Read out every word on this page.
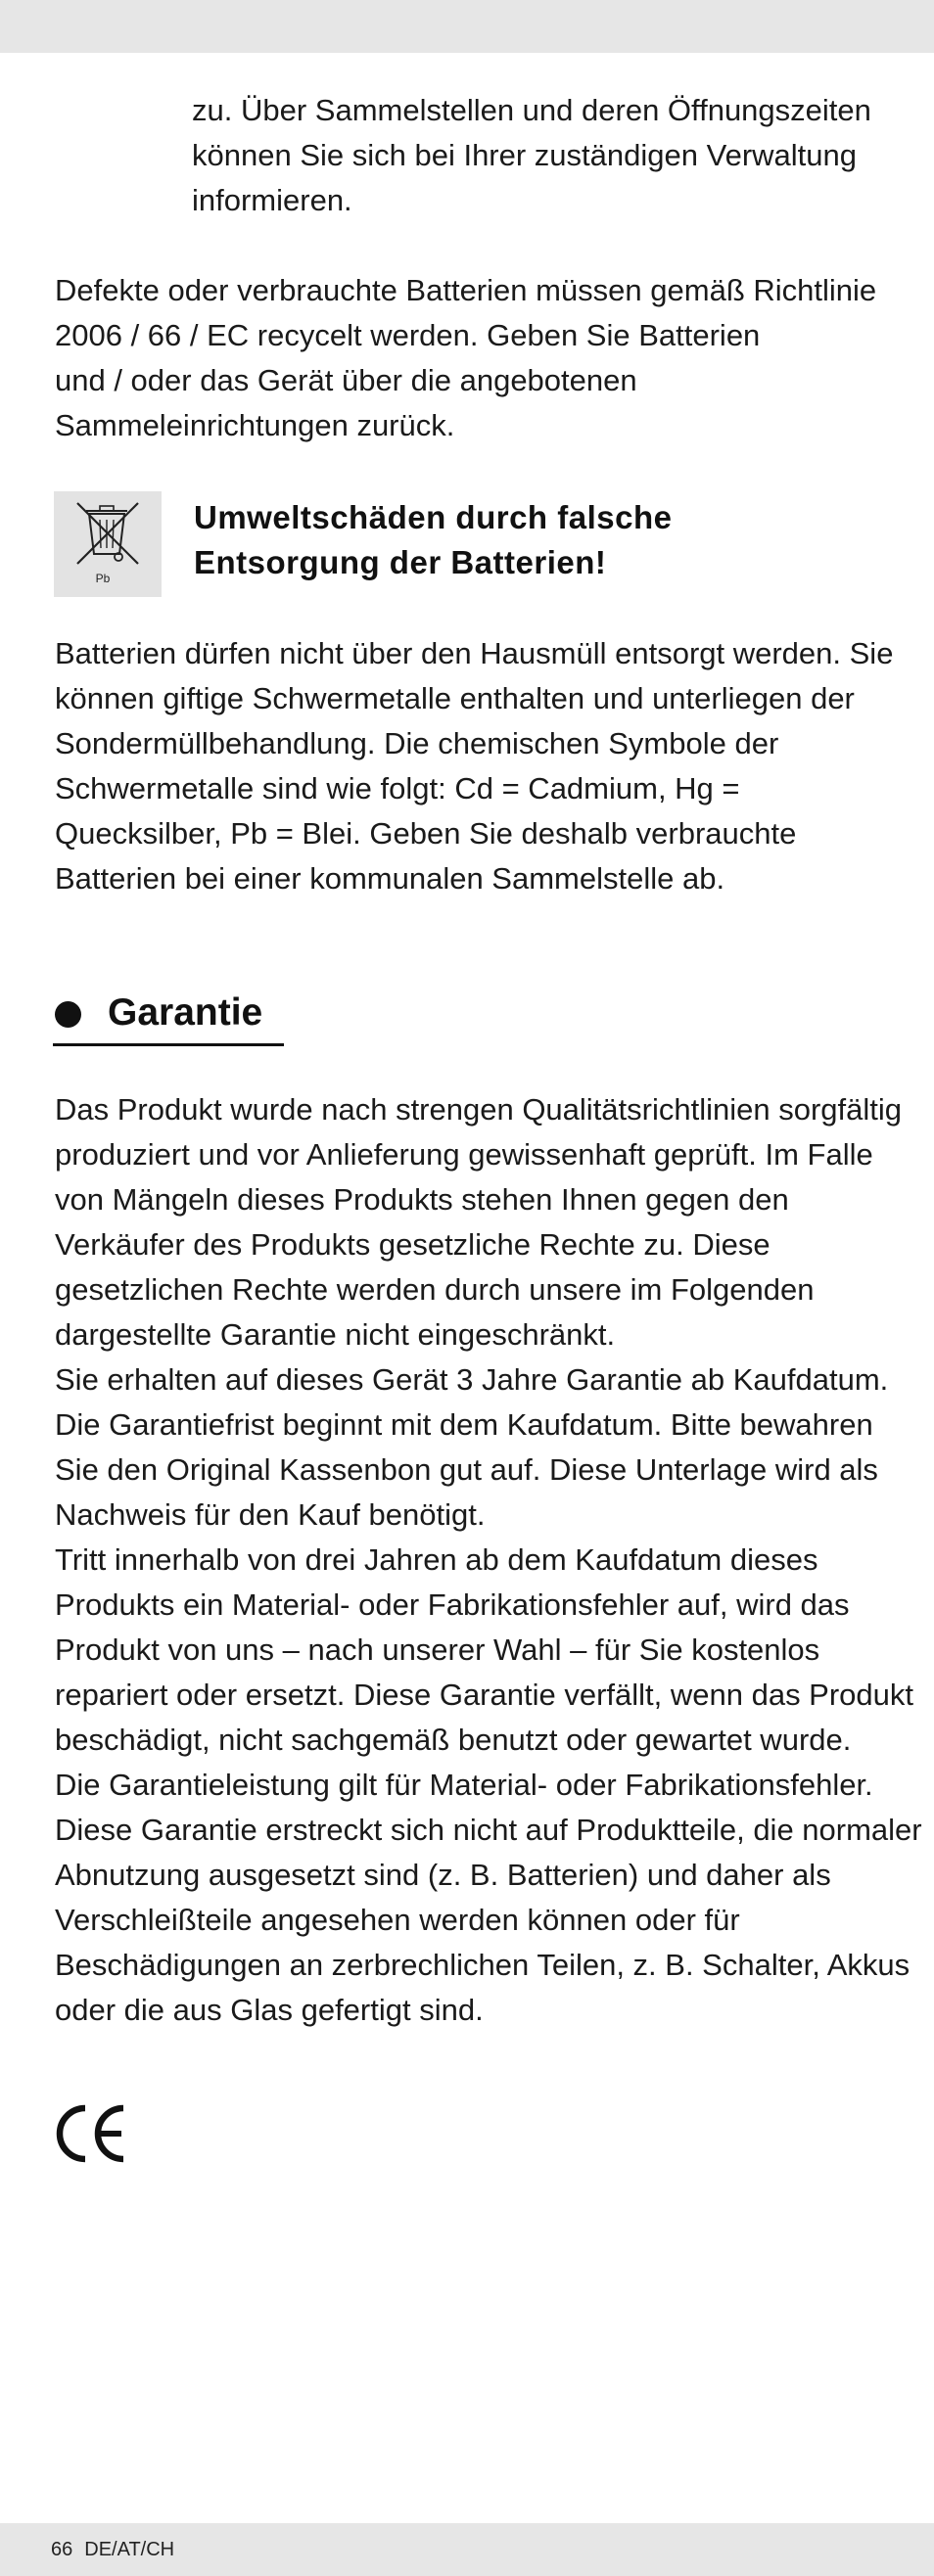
zu. Über Sammelstellen und deren Öffnungszeiten
können Sie sich bei Ihrer zuständigen Verwaltung
informieren.

Defekte oder verbrauchte Batterien müssen gemäß Richtlinie
2006 / 66 / EC recycelt werden. Geben Sie Batterien
und / oder das Gerät über die angebotenen
Sammeleinrichtungen zurück.

Pb
Umweltschäden durch falsche
Entsorgung der Batterien!

Batterien dürfen nicht über den Hausmüll entsorgt werden. Sie
können giftige Schwermetalle enthalten und unterliegen der
Sondermüllbehandlung. Die chemischen Symbole der
Schwermetalle sind wie folgt: Cd = Cadmium, Hg =
Quecksilber, Pb = Blei. Geben Sie deshalb verbrauchte
Batterien bei einer kommunalen Sammelstelle ab.

Garantie

Das Produkt wurde nach strengen Qualitätsrichtlinien sorgfältig
produziert und vor Anlieferung gewissenhaft geprüft. Im Falle
von Mängeln dieses Produkts stehen Ihnen gegen den
Verkäufer des Produkts gesetzliche Rechte zu. Diese
gesetzlichen Rechte werden durch unsere im Folgenden
dargestellte Garantie nicht eingeschränkt.
Sie erhalten auf dieses Gerät 3 Jahre Garantie ab Kaufdatum.
Die Garantiefrist beginnt mit dem Kaufdatum. Bitte bewahren
Sie den Original Kassenbon gut auf. Diese Unterlage wird als
Nachweis für den Kauf benötigt.
Tritt innerhalb von drei Jahren ab dem Kaufdatum dieses
Produkts ein Material- oder Fabrikationsfehler auf, wird das
Produkt von uns – nach unserer Wahl – für Sie kostenlos
repariert oder ersetzt. Diese Garantie verfällt, wenn das Produkt
beschädigt, nicht sachgemäß benutzt oder gewartet wurde.
Die Garantieleistung gilt für Material- oder Fabrikationsfehler.
Diese Garantie erstreckt sich nicht auf Produktteile, die normaler
Abnutzung ausgesetzt sind (z. B. Batterien) und daher als
Verschleißteile angesehen werden können oder für
Beschädigungen an zerbrechlichen Teilen, z. B. Schalter, Akkus
oder die aus Glas gefertigt sind.

66 DE/AT/CH
